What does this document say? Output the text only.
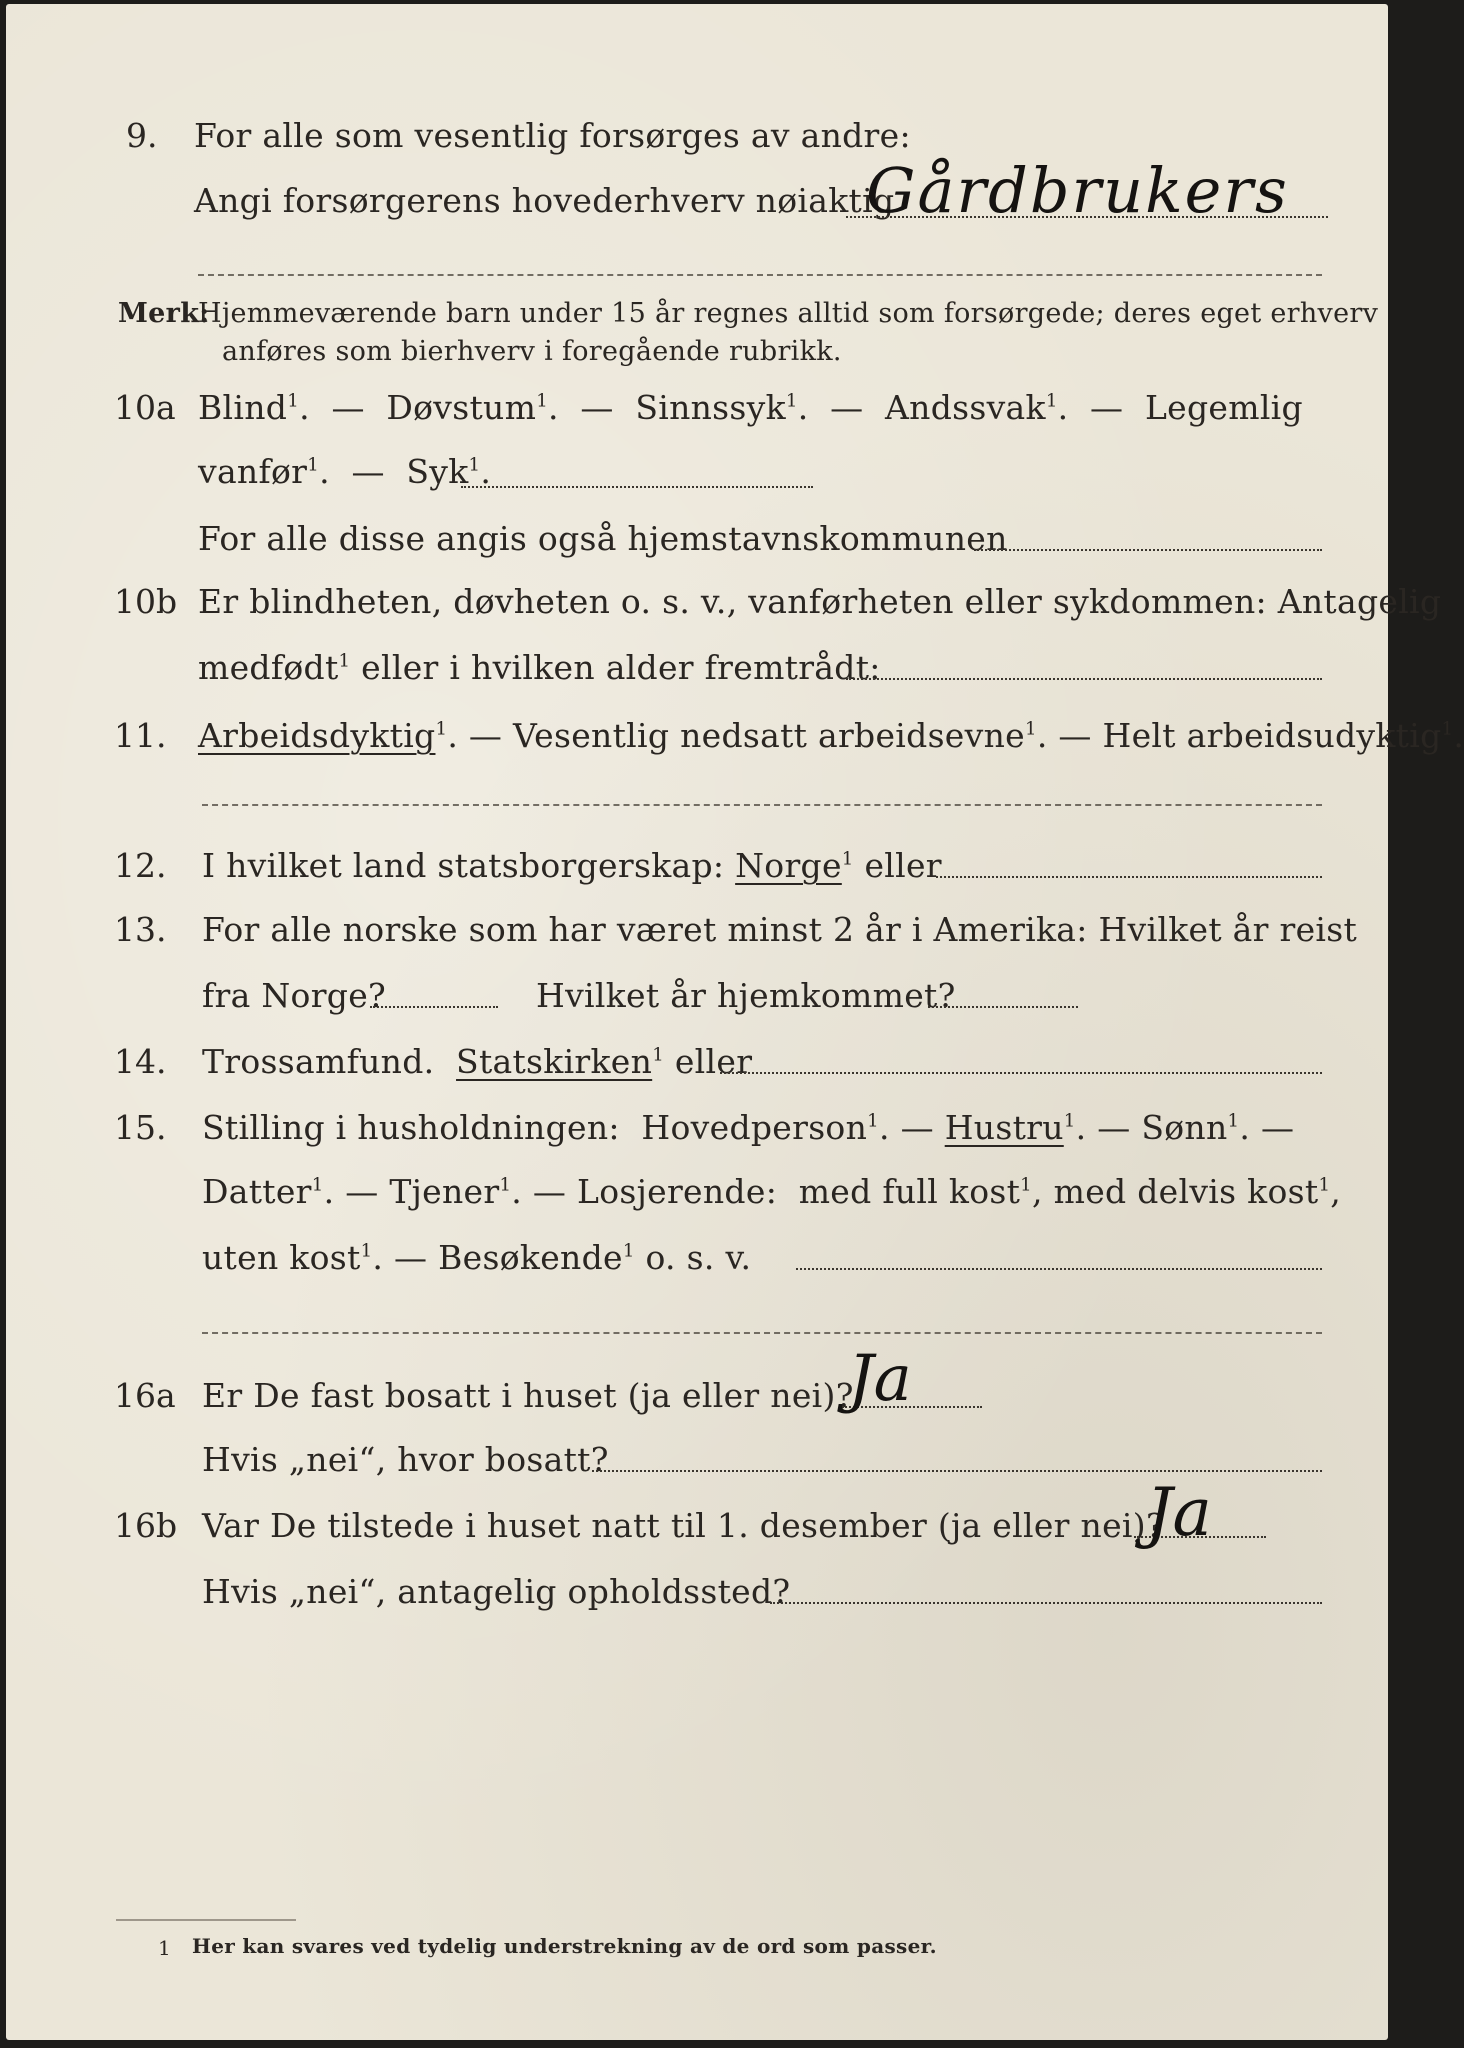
9. For alle som vesentlig forsørges av andre:
Angi forsørgerens hovederhverv nøiaktig
Gårdbrukers
Merk:
Hjemmeværende barn under 15 år regnes alltid som forsørgede; deres eget erhverv
anføres som bierhverv i foregående rubrikk.
10a Blind$^1$.  — Døvstum$^1$.  — Sinnssyk$^1$.  — Andssvak$^1$.  — Legemlig
vanfør$^1$.  — Syk$^1$.
For alle disse angis også hjemstavnskommunen
10b Er blindheten, døvheten o. s. v., vanførheten eller sykdommen: Antagelig
medfødt$^1$ eller i hvilken alder fremtrådt:
11. Arbeidsdyktig$^1$. — Vesentlig nedsatt arbeidsevne$^1$. — Helt arbeidsudyktig$^1$.
12. I hvilket land statsborgerskap: Norge$^1$ eller
13. For alle norske som har været minst 2 år i Amerika: Hvilket år reist
fra Norge?	Hvilket år hjemkommet?
14. Trossamfund. Statskirken$^1$ eller
15. Stilling i husholdningen: Hovedperson$^1$. — Hustru$^1$. — Sønn$^1$. —
Datter$^1$. — Tjener$^1$. — Losjerende: med full kost$^1$, med delvis kost$^1$,
uten kost$^1$. — Besøkende$^1$ o. s. v.
16a Er De fast bosatt i huset (ja eller nei)?
Ja
Hvis „nei“, hvor bosatt?
16b Var De tilstede i huset natt til 1. desember (ja eller nei)?
Ja
Hvis „nei“, antagelig opholdssted?
1 Her kan svares ved tydelig understrekning av de ord som passer.
